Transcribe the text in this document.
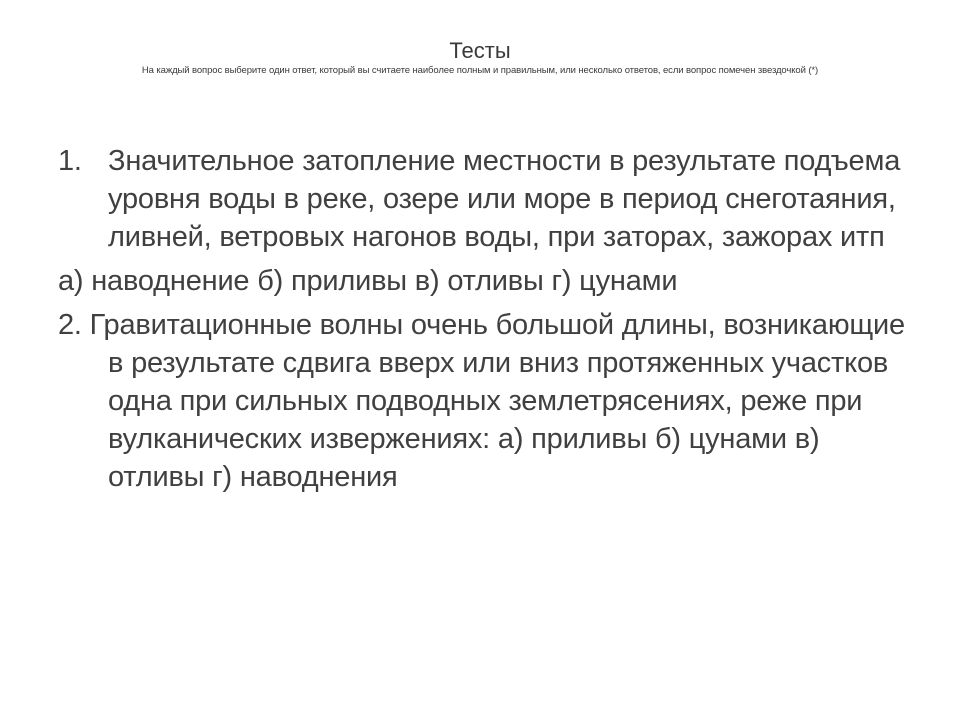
Тесты
На каждый вопрос выберите один ответ, который вы считаете наиболее полным и правильным, или несколько ответов, если вопрос помечен звездочкой (*)
1. Значительное затопление местности в результате подъема уровня воды в реке, озере или море в период снеготаяния, ливней, ветровых нагонов воды, при заторах, зажорах итп
а) наводнение б) приливы в) отливы г) цунами
2. Гравитационные волны очень большой длины, возникающие в результате сдвига вверх или вниз протяженных участков одна при сильных подводных землетрясениях, реже при вулканических извержениях: а) приливы б) цунами в) отливы г) наводнения
